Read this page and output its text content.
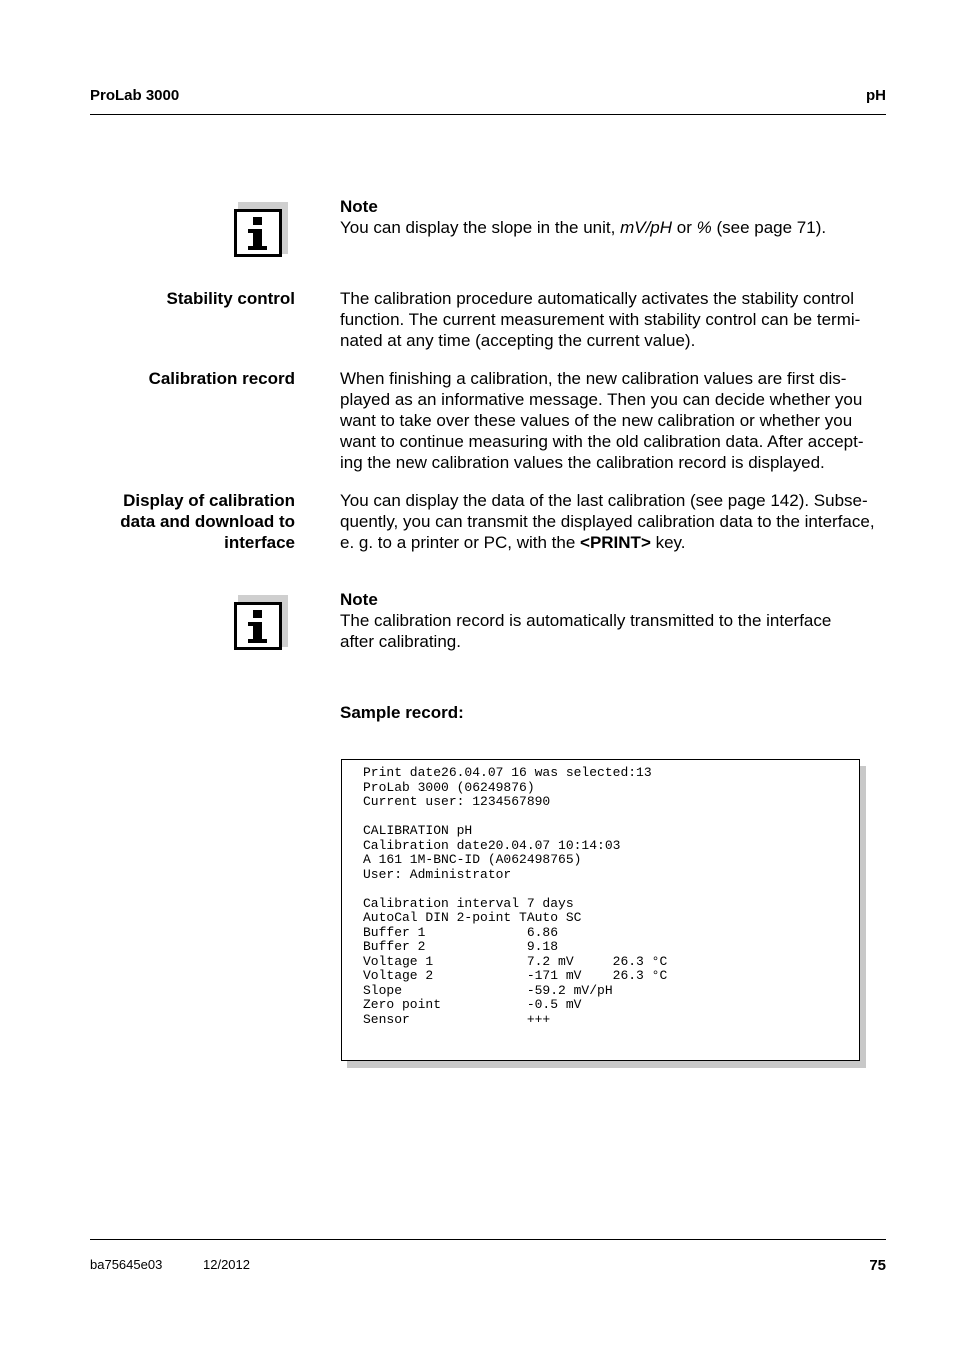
ProLab 3000	pH
Note
You can display the slope in the unit, mV/pH or % (see page 71).
Stability control	The calibration procedure automatically activates the stability control
function. The current measurement with stability control can be termi-
nated at any time (accepting the current value).
Calibration record	When finishing a calibration, the new calibration values are first dis-
played as an informative message. Then you can decide whether you
want to take over these values of the new calibration or whether you
want to continue measuring with the old calibration data. After accept-
ing the new calibration values the calibration record is displayed.
Display of calibration
data and download to
interface
You can display the data of the last calibration (see page 142). Subse-
quently, you can transmit the displayed calibration data to the interface,
e. g. to a printer or PC, with the <PRINT> key.
Note
The calibration record is automatically transmitted to the interface
after calibrating.
Sample record:
Print date26.04.07 16 was selected:13
ProLab 3000 (06249876)
Current user: 1234567890

CALIBRATION pH
Calibration date20.04.07 10:14:03
A 161 1M-BNC-ID (A062498765)
User: Administrator

Calibration interval 7 days
AutoCal DIN 2-point TAuto SC
Buffer 1             6.86
Buffer 2             9.18
Voltage 1            7.2 mV     26.3 °C
Voltage 2            -171 mV    26.3 °C
Slope                -59.2 mV/pH
Zero point           -0.5 mV
Sensor               +++
ba75645e03	12/2012	75
